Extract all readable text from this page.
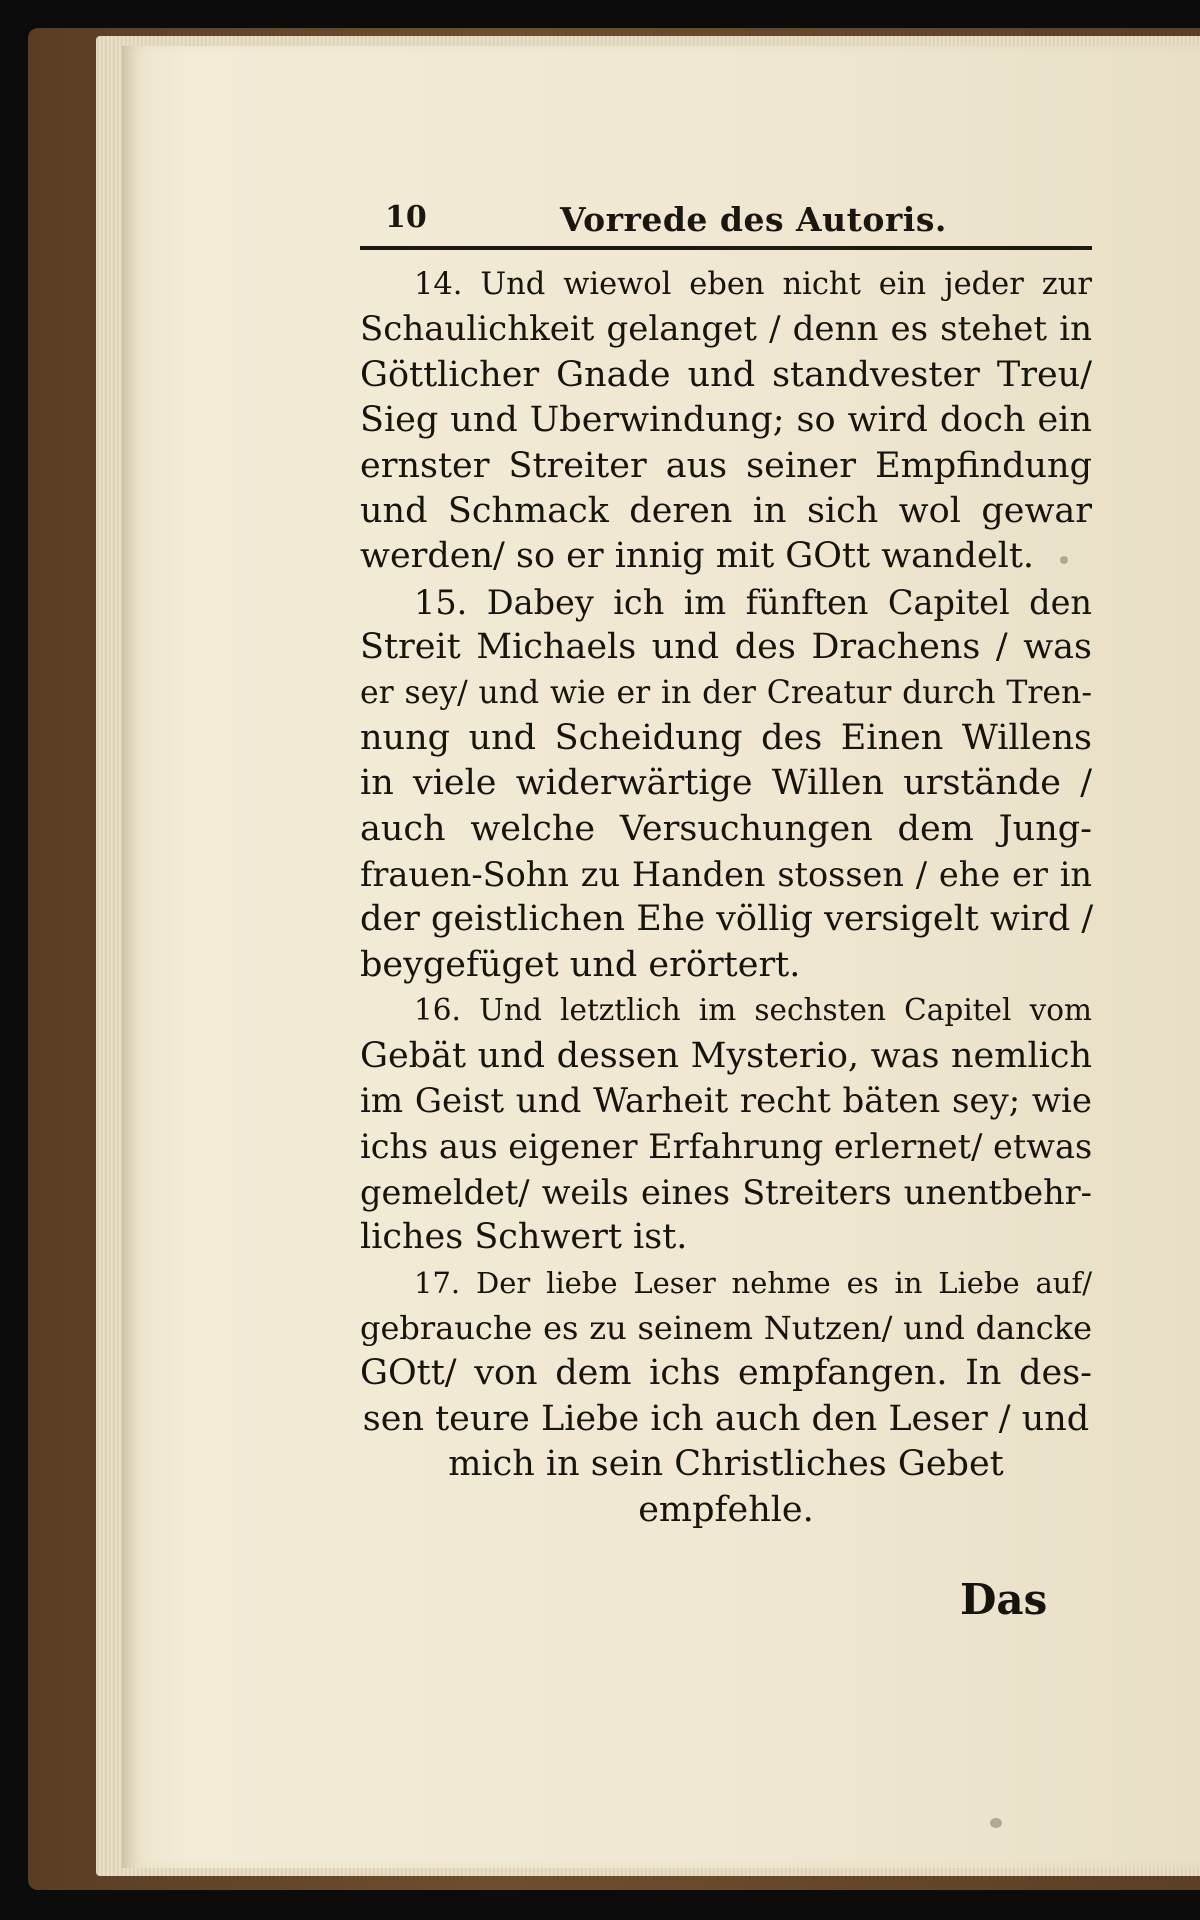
10	Vorrede des Autoris.
14. Und wiewol eben nicht ein jeder zur
Schaulichkeit gelanget / denn es stehet in
Göttlicher Gnade und standvester Treu/
Sieg und Uberwindung; so wird doch ein
ernster Streiter aus seiner Empfindung
und Schmack deren in sich wol gewar
werden/ so er innig mit GOtt wandelt.
15. Dabey ich im fünften Capitel den
Streit Michaels und des Drachens / was
er sey/ und wie er in der Creatur durch Tren-
nung und Scheidung des Einen Willens
in viele widerwärtige Willen urstände /
auch welche Versuchungen dem Jung-
frauen-Sohn zu Handen stossen / ehe er in
der geistlichen Ehe völlig versigelt wird /
beygefüget und erörtert.
16. Und letztlich im sechsten Capitel vom
Gebät und dessen Mysterio, was nemlich
im Geist und Warheit recht bäten sey; wie
ichs aus eigener Erfahrung erlernet/ etwas
gemeldet/ weils eines Streiters unentbehr-
liches Schwert ist.
17. Der liebe Leser nehme es in Liebe auf/
gebrauche es zu seinem Nutzen/ und dancke
GOtt/ von dem ichs empfangen. In des-
sen teure Liebe ich auch den Leser / und
mich in sein Christliches Gebet
empfehle.
Das
